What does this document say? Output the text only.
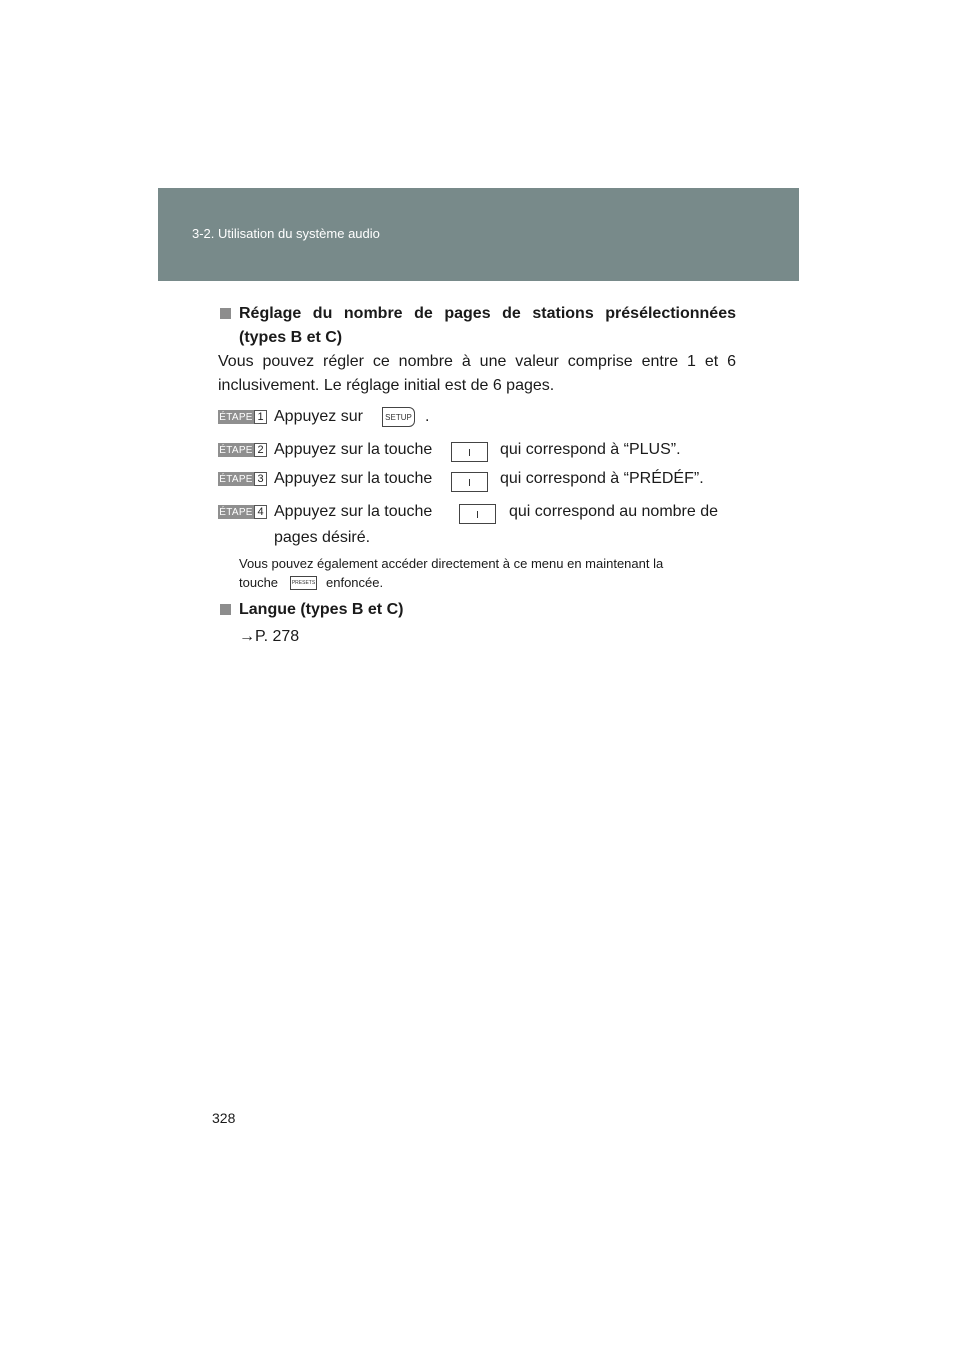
3-2. Utilisation du système audio
Réglage du nombre de pages de stations présélectionnées (types B et C)
Vous pouvez régler ce nombre à une valeur comprise entre 1 et 6 inclusivement. Le réglage initial est de 6 pages.
ÉTAPE 1 Appuyez sur	SETUP .
ÉTAPE 2 Appuyez sur la touche	qui correspond à “PLUS”.
ÉTAPE 3 Appuyez sur la touche	qui correspond à “PRÉDÉF”.
ÉTAPE 4 Appuyez sur la touche	qui correspond au nombre de
pages désiré.
Vous pouvez également accéder directement à ce menu en maintenant la
touche	PRESETS enfoncée.
Langue (types B et C)
→P. 278
328
